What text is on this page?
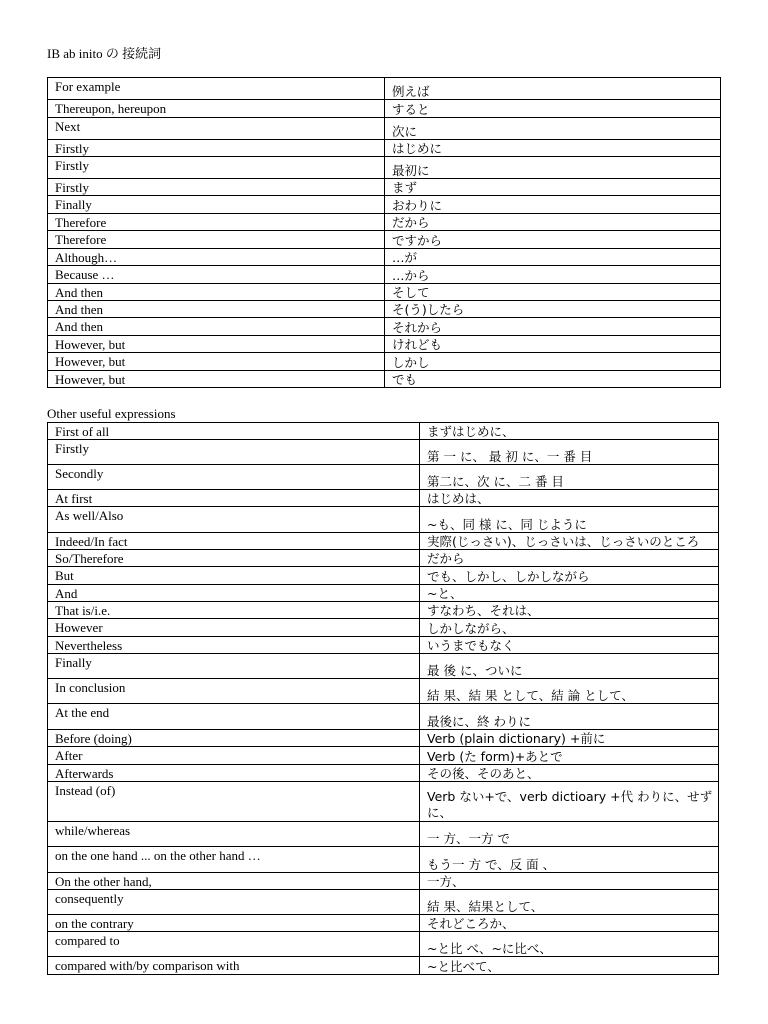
IB ab inito の 接続詞
For example	例えば
Thereupon, hereupon	すると
Next	次に
Firstly	はじめに
Firstly	最初に
Firstly	まず
Finally	おわりに
Therefore	だから
Therefore	ですから
Although…	…が
Because …	…から
And then	そして
And then	そ(う)したら
And then	それから
However, but	けれども
However, but	しかし
However, but	でも
Other useful expressions
First of all	まずはじめに、
Firstly	第 一 に、 最 初 に、一 番 目
Secondly	第二に、次 に、二 番 目
At first	はじめは、
As well/Also	~も、同 様 に、同 じように
Indeed/In fact	実際(じっさい)、じっさいは、じっさいのところ
So/Therefore	だから
But	でも、しかし、しかしながら
And	~と、
That is/i.e.	すなわち、それは、
However	しかしながら、
Nevertheless	いうまでもなく
Finally	最 後 に、ついに
In conclusion	結 果、結 果 として、結 論 として、
At the end	最後に、終 わりに
Before (doing)	Verb (plain dictionary) +前に
After	Verb (た form)+あとで
Afterwards	その後、そのあと、
Instead (of)	Verb ない+で、verb dictioary +代 わりに、せずに、
while/whereas	一 方、一方 で
on the one hand ... on the other hand …	もう一 方 で、反 面 、
On the other hand,	一方、
consequently	結 果、結果として、
on the contrary	それどころか、
compared to	~と比 べ、~に比べ、
compared with/by comparison with	~と比べて、
